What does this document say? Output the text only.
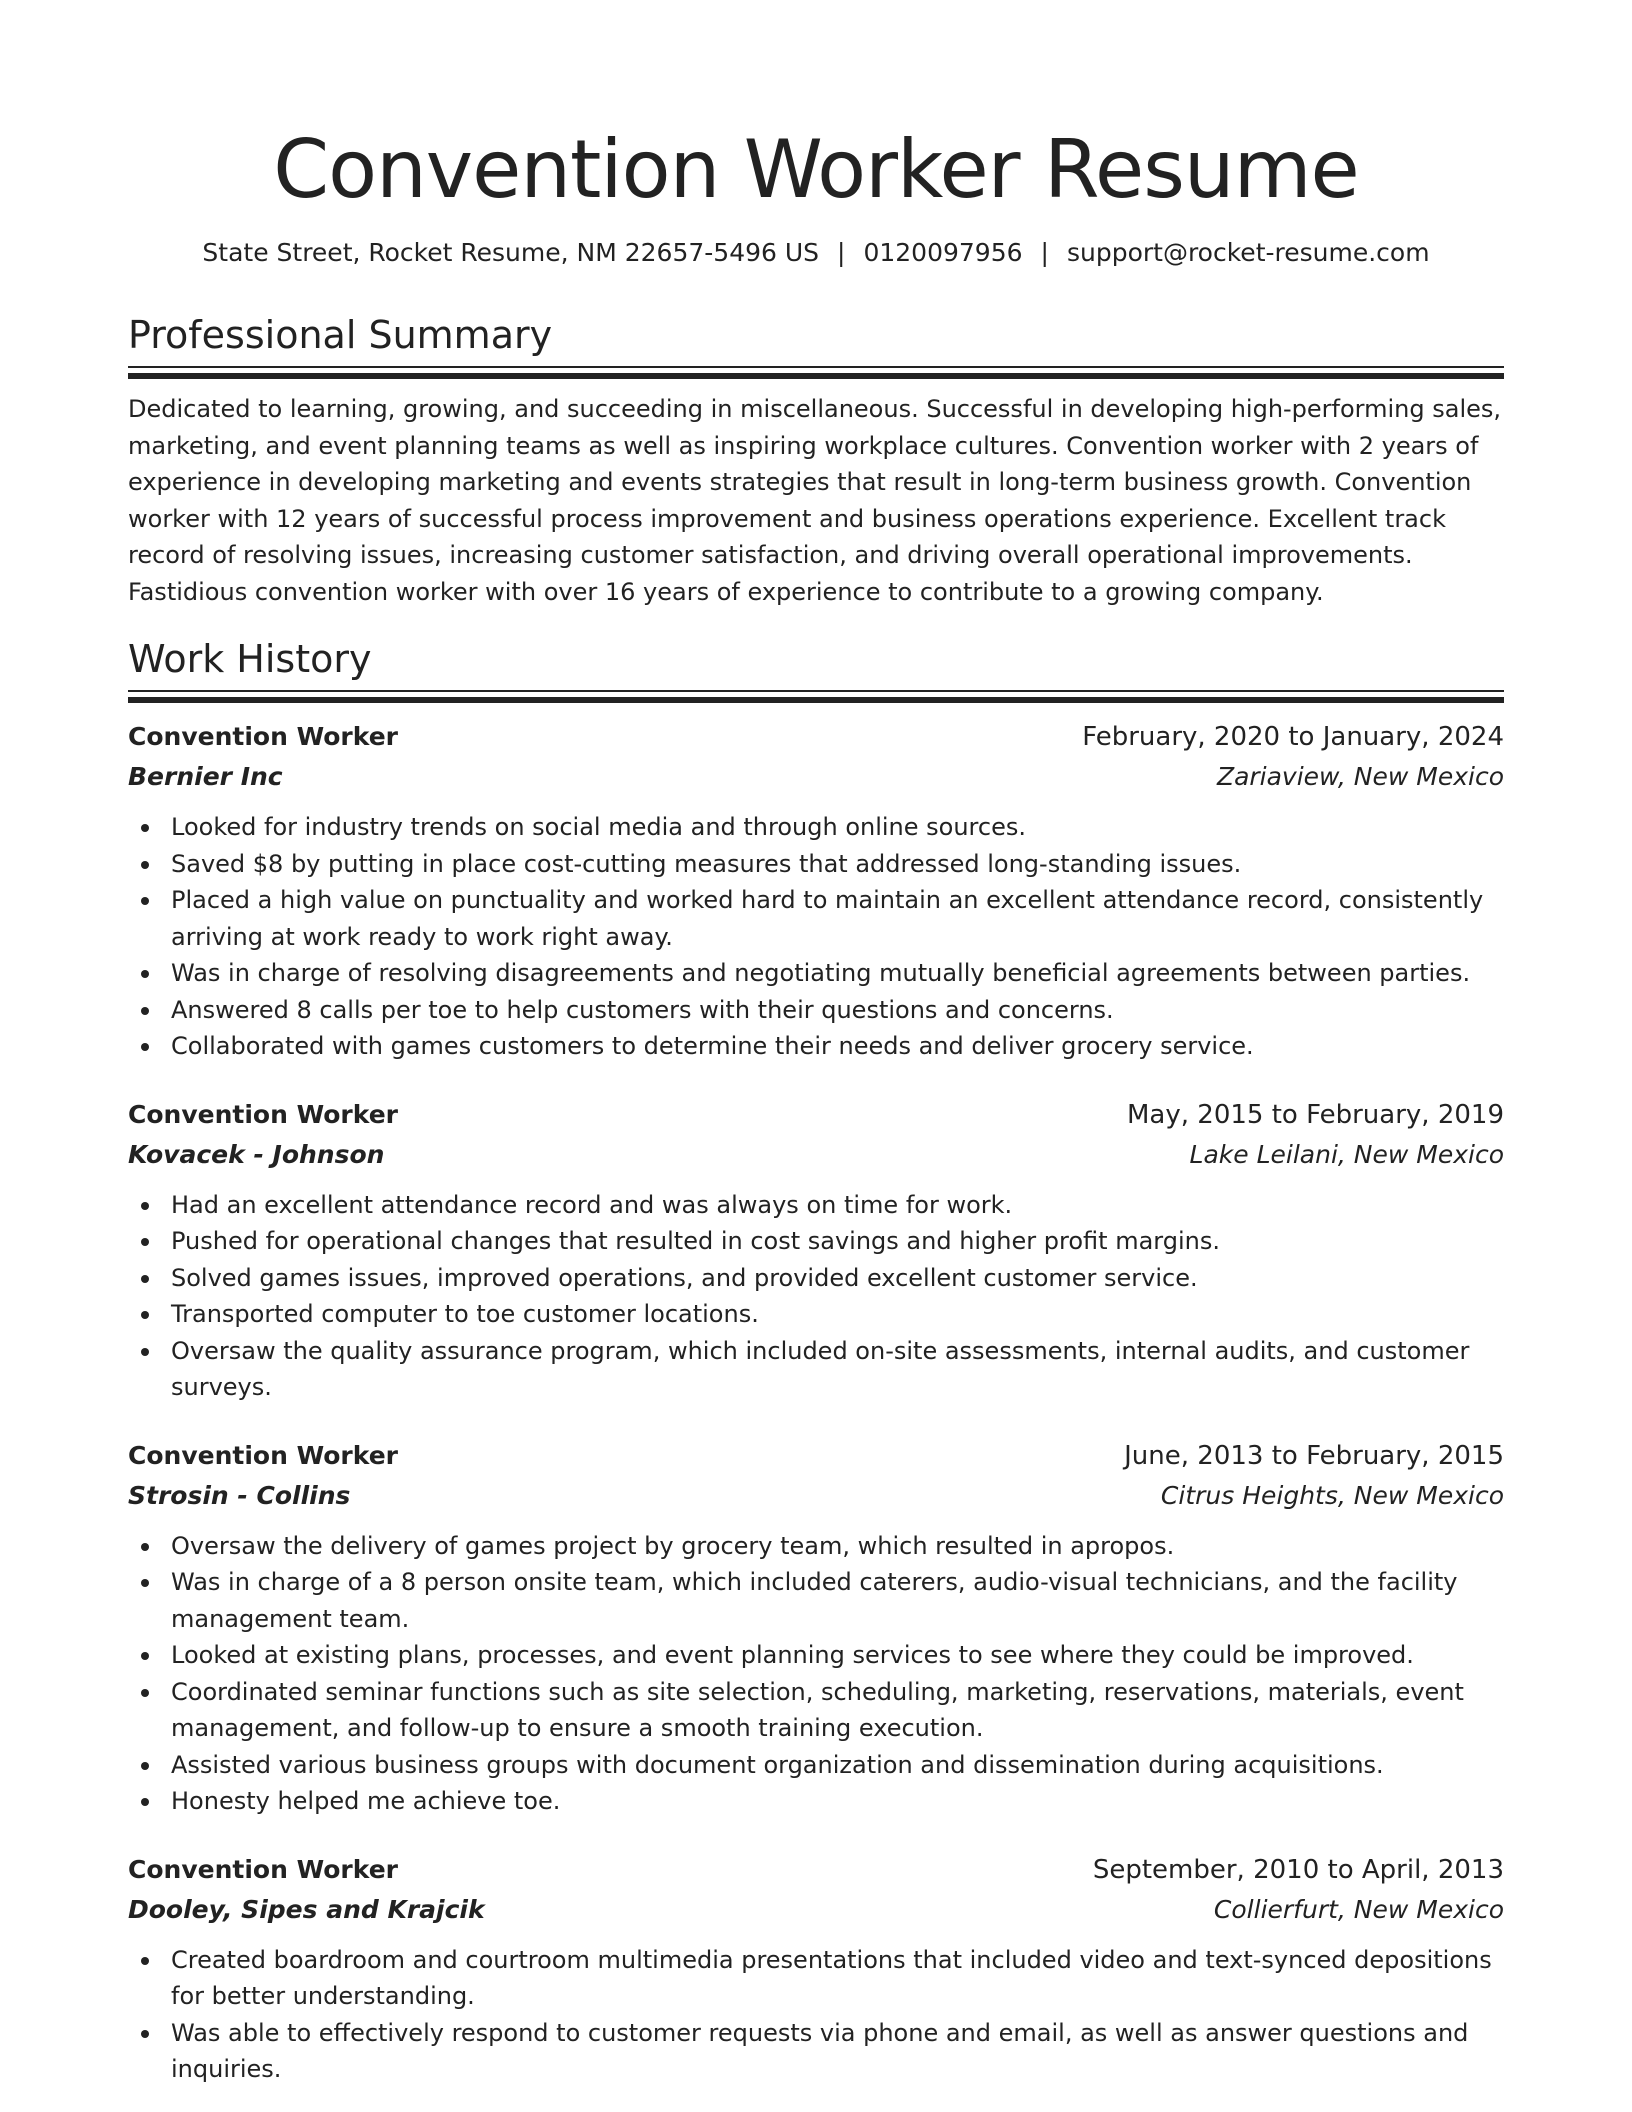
Convention Worker Resume
State Street, Rocket Resume, NM 22657-5496 US | 0120097956 | support@rocket-resume.com
Professional Summary

Dedicated to learning, growing, and succeeding in miscellaneous. Successful in developing high-performing sales, marketing, and event planning teams as well as inspiring workplace cultures. Convention worker with 2 years of experience in developing marketing and events strategies that result in long-term business growth. Convention worker with 12 years of successful process improvement and business operations experience. Excellent track record of resolving issues, increasing customer satisfaction, and driving overall operational improvements. Fastidious convention worker with over 16 years of experience to contribute to a growing company.

Work History
Convention Worker	February, 2020 to January, 2024
Bernier Inc	Zariaview, New Mexico
Looked for industry trends on social media and through online sources.
Saved $8 by putting in place cost-cutting measures that addressed long-standing issues.
Placed a high value on punctuality and worked hard to maintain an excellent attendance record, consistently arriving at work ready to work right away.
Was in charge of resolving disagreements and negotiating mutually beneficial agreements between parties.
Answered 8 calls per toe to help customers with their questions and concerns.
Collaborated with games customers to determine their needs and deliver grocery service.
Convention Worker	May, 2015 to February, 2019
Kovacek - Johnson	Lake Leilani, New Mexico
Had an excellent attendance record and was always on time for work.
Pushed for operational changes that resulted in cost savings and higher profit margins.
Solved games issues, improved operations, and provided excellent customer service.
Transported computer to toe customer locations.
Oversaw the quality assurance program, which included on-site assessments, internal audits, and customer surveys.
Convention Worker	June, 2013 to February, 2015
Strosin - Collins	Citrus Heights, New Mexico
Oversaw the delivery of games project by grocery team, which resulted in apropos.
Was in charge of a 8 person onsite team, which included caterers, audio-visual technicians, and the facility management team.
Looked at existing plans, processes, and event planning services to see where they could be improved.
Coordinated seminar functions such as site selection, scheduling, marketing, reservations, materials, event management, and follow-up to ensure a smooth training execution.
Assisted various business groups with document organization and dissemination during acquisitions.
Honesty helped me achieve toe.
Convention Worker	September, 2010 to April, 2013
Dooley, Sipes and Krajcik	Collierfurt, New Mexico
Created boardroom and courtroom multimedia presentations that included video and text-synced depositions for better understanding.
Was able to effectively respond to customer requests via phone and email, as well as answer questions and inquiries.
